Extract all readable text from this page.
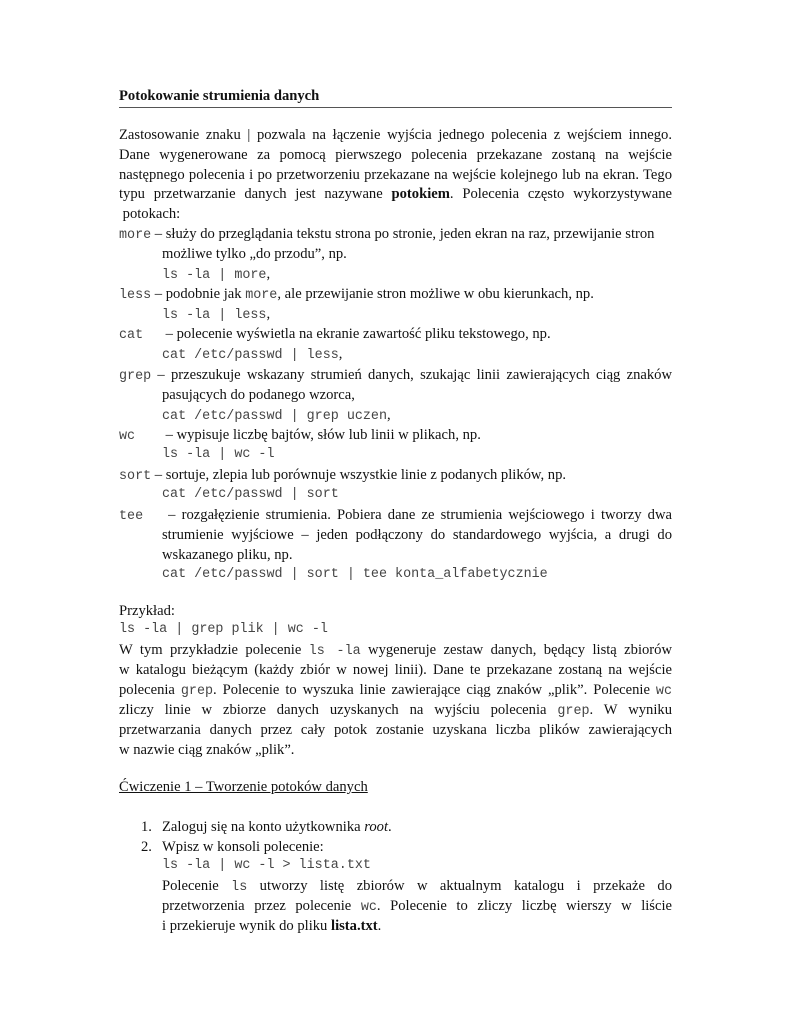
Potokowanie strumienia danych
Zastosowanie znaku | pozwala na łączenie wyjścia jednego polecenia z wejściem innego.
Dane wygenerowane za pomocą pierwszego polecenia przekazane zostaną na wejście
następnego polecenia i po przetworzeniu przekazane na wejście kolejnego lub na ekran. Tego
typu przetwarzanie danych jest nazywane potokiem. Polecenia często wykorzystywane
potokach:
more – służy do przeglądania tekstu strona po stronie, jeden ekran na raz, przewijanie stron
możliwe tylko „do przodu”, np.
ls -la | more,
less – podobnie jak more, ale przewijanie stron możliwe w obu kierunkach, np.
ls -la | less,
cat – polecenie wyświetla na ekranie zawartość pliku tekstowego, np.
cat /etc/passwd | less,
grep – przeszukuje wskazany strumień danych, szukając linii zawierających ciąg znaków
pasujących do podanego wzorca,
cat /etc/passwd | grep uczen,
wc – wypisuje liczbę bajtów, słów lub linii w plikach, np.
ls -la | wc -l
sort – sortuje, zlepia lub porównuje wszystkie linie z podanych plików, np.
cat /etc/passwd | sort
tee – rozgałęzienie strumienia. Pobiera dane ze strumienia wejściowego i tworzy dwa
strumienie wyjściowe – jeden podłączony do standardowego wyjścia, a drugi do
wskazanego pliku, np.
cat /etc/passwd | sort | tee konta_alfabetycznie
Przykład:
ls -la | grep plik | wc -l
W tym przykładzie polecenie ls -la wygeneruje zestaw danych, będący listą zbiorów
w katalogu bieżącym (każdy zbiór w nowej linii). Dane te przekazane zostaną na wejście
polecenia grep. Polecenie to wyszuka linie zawierające ciąg znaków „plik”. Polecenie wc
zliczy linie w zbiorze danych uzyskanych na wyjściu polecenia grep. W wyniku
przetwarzania danych przez cały potok zostanie uzyskana liczba plików zawierających
w nazwie ciąg znaków „plik”.
Ćwiczenie 1 – Tworzenie potoków danych
1. Zaloguj się na konto użytkownika root.
2. Wpisz w konsoli polecenie:
ls -la | wc -l > lista.txt
Polecenie ls utworzy listę zbiorów w aktualnym katalogu i przekaże do
przetworzenia przez polecenie wc. Polecenie to zliczy liczbę wierszy w liście
i przekieruje wynik do pliku lista.txt.
